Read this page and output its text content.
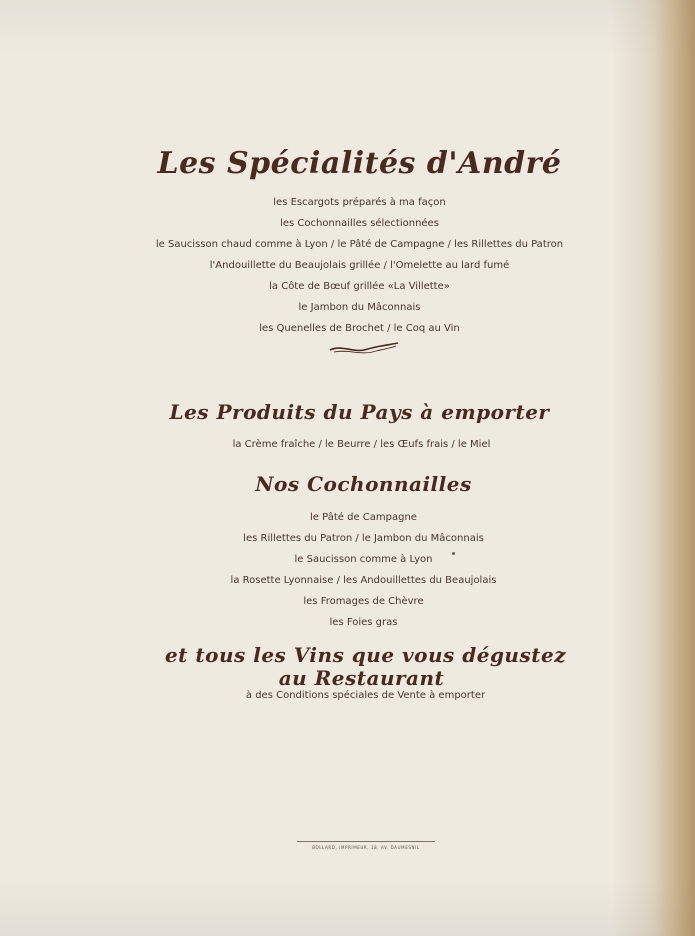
Les Spécialités d'André
les Escargots préparés à ma façon
les Cochonnailles sélectionnées
le Saucisson chaud comme à Lyon / le Pâté de Campagne / les Rillettes du Patron
l'Andouillette du Beaujolais grillée / l'Omelette au lard fumé
la Côte de Bœuf grillée «La Villette»
le Jambon du Mâconnais
les Quenelles de Brochet / le Coq au Vin
Les Produits du Pays à emporter
la Crème fraîche / le Beurre / les Œufs frais / le Miel
Nos Cochonnailles
le Pâté de Campagne
les Rillettes du Patron / le Jambon du Mâconnais
le Saucisson comme à Lyon
la Rosette Lyonnaise / les Andouillettes du Beaujolais
les Fromages de Chèvre
les Foies gras
et tous les Vins que vous dégustez
au Restaurant
à des Conditions spéciales de Vente à emporter
BOLLARD, IMPRIMEUR, 18, AV. DAUMESNIL
